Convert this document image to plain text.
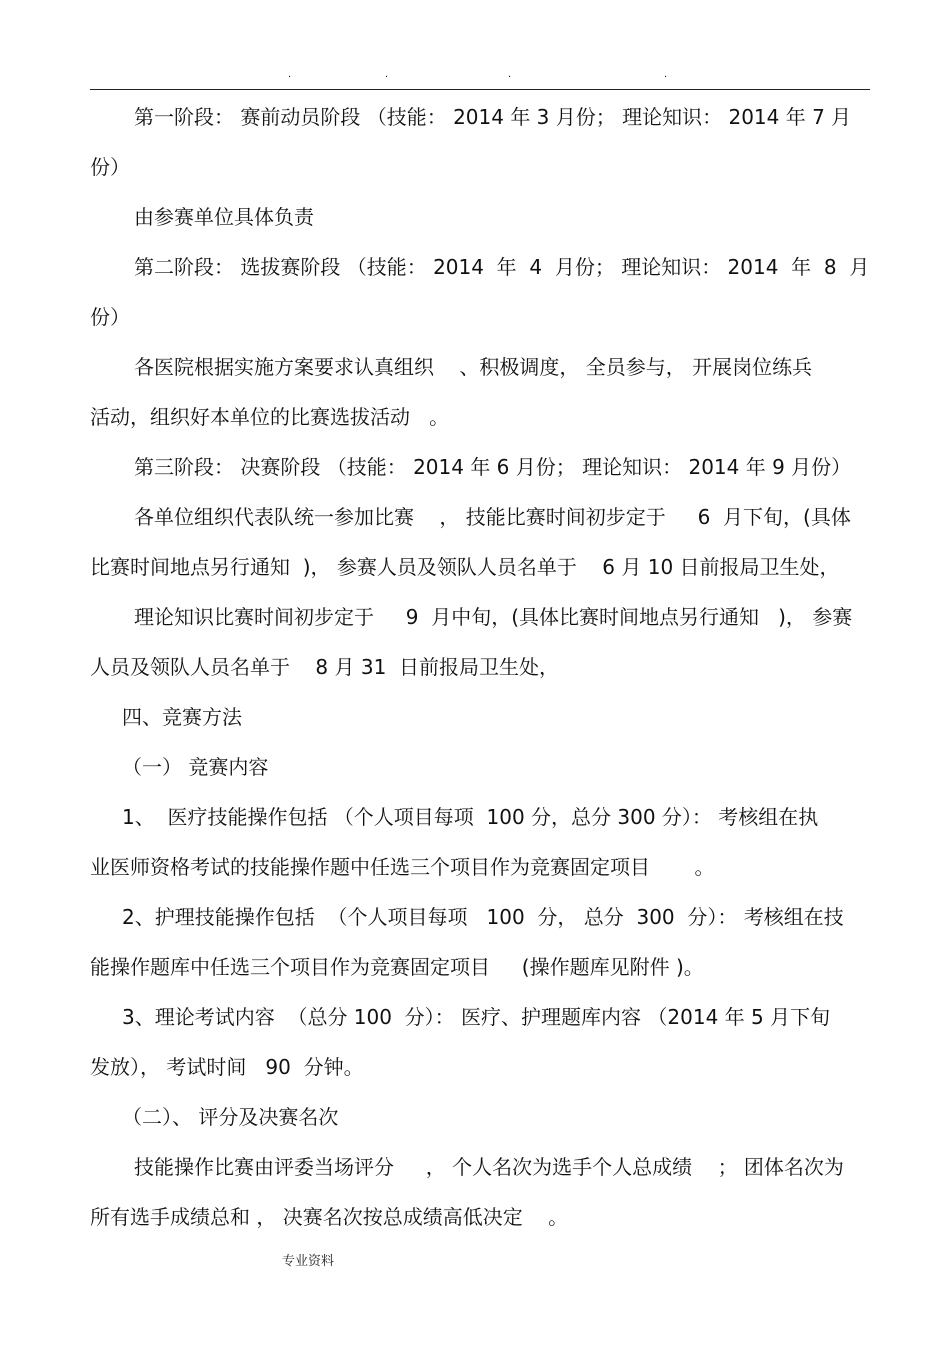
.	.	.	.
第一阶段： 赛前动员阶段 （技能： 2014 年 3 月份； 理论知识： 2014 年 7 月
份）
由参赛单位具体负责
第二阶段： 选拔赛阶段 （技能： 2014  年  4  月份； 理论知识： 2014  年  8  月
份）
各医院根据实施方案要求认真组织    、积极调度， 全员参与， 开展岗位练兵
活动，组织好本单位的比赛选拔活动   。
第三阶段： 决赛阶段 （技能： 2014 年 6 月份； 理论知识： 2014 年 9 月份）
各单位组织代表队统一参加比赛    ， 技能比赛时间初步定于     6  月下旬，(具体
比赛时间地点另行通知  )， 参赛人员及领队人员名单于    6 月 10 日前报局卫生处，
理论知识比赛时间初步定于     9  月中旬，(具体比赛时间地点另行通知   )， 参赛
人员及领队人员名单于    8 月 31  日前报局卫生处，
四、竞赛方法
（一） 竞赛内容
1、  医疗技能操作包括 （个人项目每项  100 分，总分 300 分）： 考核组在执
业医师资格考试的技能操作题中任选三个项目作为竞赛固定项目       。
2、护理技能操作包括  （个人项目每项   100  分， 总分  300  分）： 考核组在技
能操作题库中任选三个项目作为竞赛固定项目     (操作题库见附件 )。
3、理论考试内容  （总分 100  分）： 医疗、护理题库内容 （2014 年 5 月下旬
发放）， 考试时间   90  分钟。
（二）、 评分及决赛名次
技能操作比赛由评委当场评分     ， 个人名次为选手个人总成绩    ； 团体名次为
所有选手成绩总和 ， 决赛名次按总成绩高低决定    。
专业资料
